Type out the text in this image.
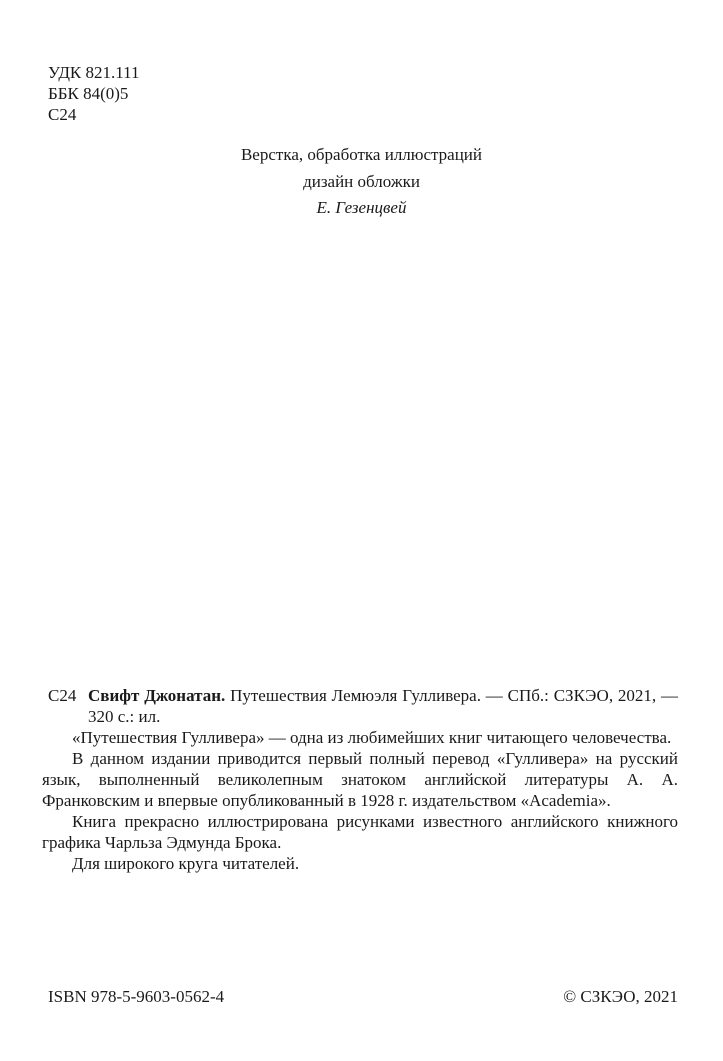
УДК 821.111
ББК 84(0)5
С24
Верстка, обработка иллюстраций
дизайн обложки
Е. Гезенцвей
С24 Свифт Джонатан. Путешествия Лемюэля Гулливера. — СПб.: СЗКЭО, 2021, — 320 с.: ил.

«Путешествия Гулливера» — одна из любимейших книг читающего человечества.

В данном издании приводится первый полный перевод «Гулливера» на русский язык, выполненный великолепным знатоком английской литературы А. А. Франковским и впервые опубликованный в 1928 г. издательством «Academia».

Книга прекрасно иллюстрирована рисунками известного английского книжного графика Чарльза Эдмунда Брока.

Для широкого круга читателей.

ISBN 978-5-9603-0562-4	© СЗКЭО, 2021
